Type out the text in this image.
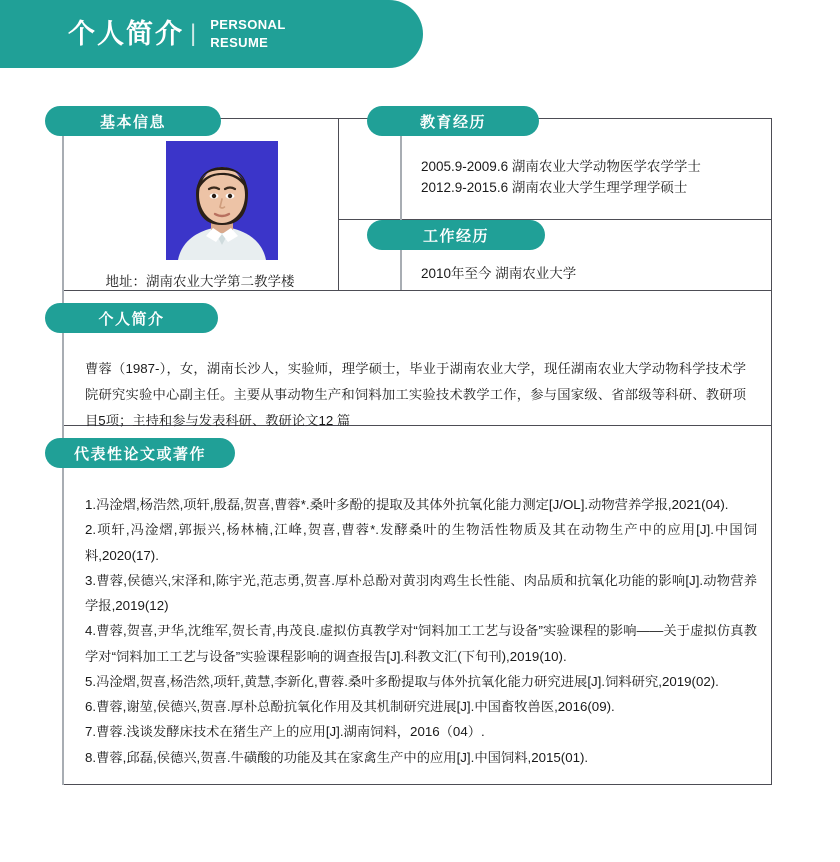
个人简介 | PERSONAL
RESUME
基本信息	教育经历
工作经历
个人简介
代表性论文或著作
地址：湖南农业大学第二教学楼
2005.9-2009.6 湖南农业大学动物医学农学学士
2012.9-2015.6 湖南农业大学生理学理学硕士
2010年至今 湖南农业大学
曹蓉（1987-），女，湖南长沙人，实验师，理学硕士，毕业于湖南农业大学，现任湖南农业大学动物科学技术学院研究实验中心副主任。主要从事动物生产和饲料加工实验技术教学工作，参与国家级、省部级等科研、教研项目5项；主持和参与发表科研、教研论文12 篇

1.冯淦熠,杨浩然,项轩,殷磊,贺喜,曹蓉*.桑叶多酚的提取及其体外抗氧化能力测定[J/OL].动物营养学报,2021(04).

2.项轩,冯淦熠,郭振兴,杨林楠,江峰,贺喜,曹蓉*.发酵桑叶的生物活性物质及其在动物生产中的应用[J].中国饲料,2020(17).

3.曹蓉,侯德兴,宋泽和,陈宇光,范志勇,贺喜.厚朴总酚对黄羽肉鸡生长性能、肉品质和抗氧化功能的影响[J].动物营养学报,2019(12)

4.曹蓉,贺喜,尹华,沈维军,贺长青,冉茂良.虚拟仿真教学对“饲料加工工艺与设备”实验课程的影响——关于虚拟仿真教学对“饲料加工工艺与设备”实验课程影响的调查报告[J].科教文汇(下旬刊),2019(10).

5.冯淦熠,贺喜,杨浩然,项轩,黄慧,李新化,曹蓉.桑叶多酚提取与体外抗氧化能力研究进展[J].饲料研究,2019(02).

6.曹蓉,谢堃,侯德兴,贺喜.厚朴总酚抗氧化作用及其机制研究进展[J].中国畜牧兽医,2016(09).

7.曹蓉.浅谈发酵床技术在猪生产上的应用[J].湖南饲料，2016（04）.

8.曹蓉,邱磊,侯德兴,贺喜.牛磺酸的功能及其在家禽生产中的应用[J].中国饲料,2015(01).
